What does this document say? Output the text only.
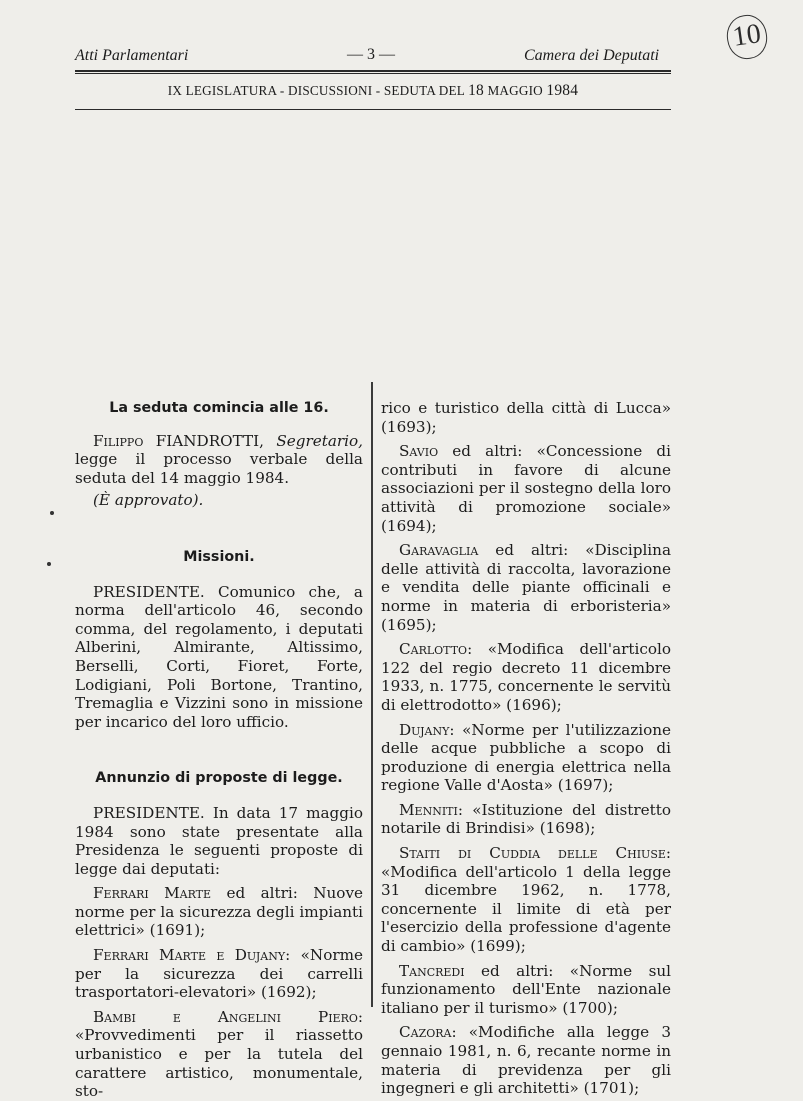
Atti Parlamentari	— 3 —	Camera dei Deputati
10
IX LEGISLATURA - DISCUSSIONI - SEDUTA DEL 18 MAGGIO 1984

La seduta comincia alle 16.

Filippo FIANDROTTI, Segretario, legge il processo verbale della seduta del 14 maggio 1984.

(È approvato).

Missioni.

PRESIDENTE. Comunico che, a norma dell'articolo 46, secondo comma, del regolamento, i deputati Alberini, Almirante, Altissimo, Berselli, Corti, Fioret, Forte, Lodigiani, Poli Bortone, Trantino, Tremaglia e Vizzini sono in missione per incarico del loro ufficio.

Annunzio di proposte di legge.

PRESIDENTE. In data 17 maggio 1984 sono state presentate alla Presidenza le seguenti proposte di legge dai deputati:

Ferrari Marte ed altri: Nuove norme per la sicurezza degli impianti elettrici» (1691);

Ferrari Marte e Dujany: «Norme per la sicurezza dei carrelli trasportatori-elevatori» (1692);

Bambi e Angelini Piero: «Provvedimenti per il riassetto urbanistico e per la tutela del carattere artistico, monumentale, sto-

rico e turistico della città di Lucca» (1693);

Savio ed altri: «Concessione di contributi in favore di alcune associazioni per il sostegno della loro attività di promozione sociale» (1694);

Garavaglia ed altri: «Disciplina delle attività di raccolta, lavorazione e vendita delle piante officinali e norme in materia di erboristeria» (1695);

Carlotto: «Modifica dell'articolo 122 del regio decreto 11 dicembre 1933, n. 1775, concernente le servitù di elettrodotto» (1696);

Dujany: «Norme per l'utilizzazione delle acque pubbliche a scopo di produzione di energia elettrica nella regione Valle d'Aosta» (1697);

Menniti: «Istituzione del distretto notarile di Brindisi» (1698);

Staiti di Cuddia delle Chiuse: «Modifica dell'articolo 1 della legge 31 dicembre 1962, n. 1778, concernente il limite di età per l'esercizio della professione d'agente di cambio» (1699);

Tancredi ed altri: «Norme sul funzionamento dell'Ente nazionale italiano per il turismo» (1700);

Cazora: «Modifiche alla legge 3 gennaio 1981, n. 6, recante norme in materia di previdenza per gli ingegneri e gli architetti» (1701);
